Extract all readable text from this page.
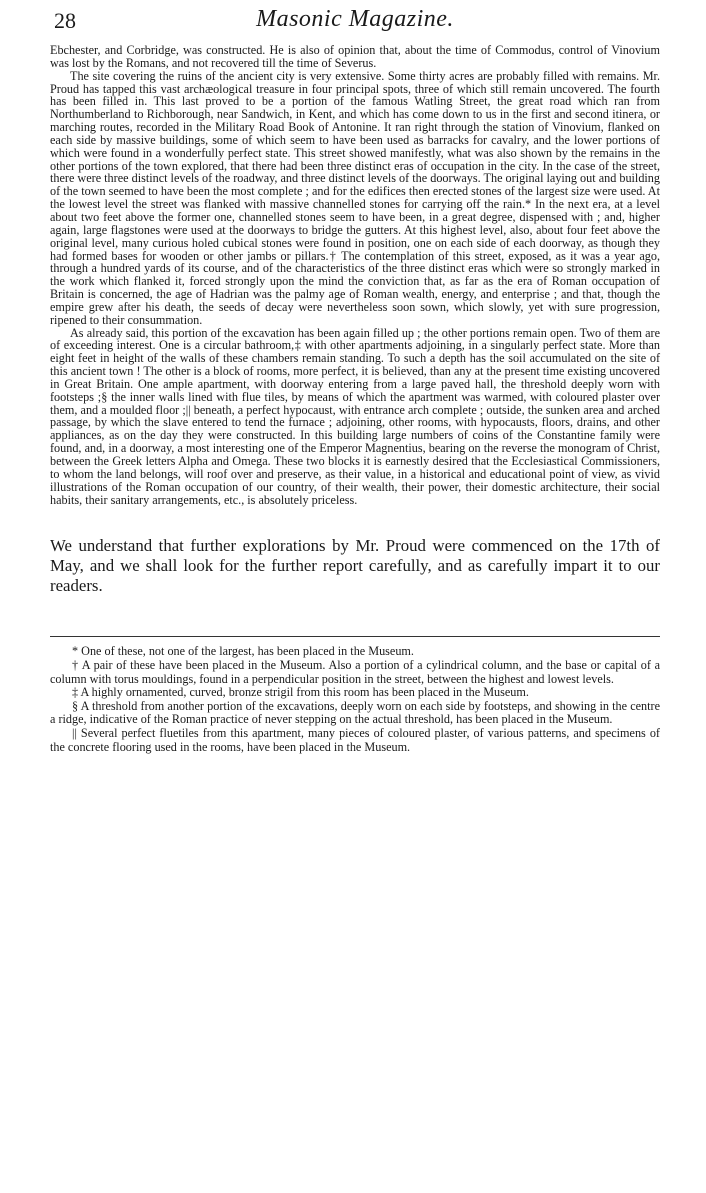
28	Masonic Magazine.

Ebchester, and Corbridge, was constructed. He is also of opinion that, about the time of Commodus, control of Vinovium was lost by the Romans, and not recovered till the time of Severus.

The site covering the ruins of the ancient city is very extensive. Some thirty acres are probably filled with remains. Mr. Proud has tapped this vast archæological treasure in four principal spots, three of which still remain uncovered. The fourth has been filled in. This last proved to be a portion of the famous Watling Street, the great road which ran from Northumberland to Richborough, near Sandwich, in Kent, and which has come down to us in the first and second itinera, or marching routes, recorded in the Military Road Book of Antonine. It ran right through the station of Vinovium, flanked on each side by massive buildings, some of which seem to have been used as barracks for cavalry, and the lower portions of which were found in a wonderfully perfect state. This street showed manifestly, what was also shown by the remains in the other portions of the town explored, that there had been three distinct eras of occupation in the city. In the case of the street, there were three distinct levels of the roadway, and three distinct levels of the doorways. The original laying out and building of the town seemed to have been the most complete ; and for the edifices then erected stones of the largest size were used. At the lowest level the street was flanked with massive channelled stones for carrying off the rain.* In the next era, at a level about two feet above the former one, channelled stones seem to have been, in a great degree, dispensed with ; and, higher again, large flagstones were used at the doorways to bridge the gutters. At this highest level, also, about four feet above the original level, many curious holed cubical stones were found in position, one on each side of each doorway, as though they had formed bases for wooden or other jambs or pillars.† The contemplation of this street, exposed, as it was a year ago, through a hundred yards of its course, and of the characteristics of the three distinct eras which were so strongly marked in the work which flanked it, forced strongly upon the mind the conviction that, as far as the era of Roman occupation of Britain is concerned, the age of Hadrian was the palmy age of Roman wealth, energy, and enterprise ; and that, though the empire grew after his death, the seeds of decay were nevertheless soon sown, which slowly, yet with sure progression, ripened to their consummation.

As already said, this portion of the excavation has been again filled up ; the other portions remain open. Two of them are of exceeding interest. One is a circular bathroom,‡ with other apartments adjoining, in a singularly perfect state. More than eight feet in height of the walls of these chambers remain standing. To such a depth has the soil accumulated on the site of this ancient town ! The other is a block of rooms, more perfect, it is believed, than any at the present time existing uncovered in Great Britain. One ample apartment, with doorway entering from a large paved hall, the threshold deeply worn with footsteps ;§ the inner walls lined with flue tiles, by means of which the apartment was warmed, with coloured plaster over them, and a moulded floor ;|| beneath, a perfect hypocaust, with entrance arch complete ; outside, the sunken area and arched passage, by which the slave entered to tend the furnace ; adjoining, other rooms, with hypocausts, floors, drains, and other appliances, as on the day they were constructed. In this building large numbers of coins of the Constantine family were found, and, in a doorway, a most interesting one of the Emperor Magnentius, bearing on the reverse the monogram of Christ, between the Greek letters Alpha and Omega. These two blocks it is earnestly desired that the Ecclesiastical Commissioners, to whom the land belongs, will roof over and preserve, as their value, in a historical and educational point of view, as vivid illustrations of the Roman occupation of our country, of their wealth, their power, their domestic architecture, their social habits, their sanitary arrangements, etc., is absolutely priceless.

We understand that further explorations by Mr. Proud were commenced on the 17th of May, and we shall look for the further report carefully, and as carefully impart it to our readers.

* One of these, not one of the largest, has been placed in the Museum.

† A pair of these have been placed in the Museum. Also a portion of a cylindrical column, and the base or capital of a column with torus mouldings, found in a perpendicular position in the street, between the highest and lowest levels.

‡ A highly ornamented, curved, bronze strigil from this room has been placed in the Museum.

§ A threshold from another portion of the excavations, deeply worn on each side by footsteps, and showing in the centre a ridge, indicative of the Roman practice of never stepping on the actual threshold, has been placed in the Museum.

|| Several perfect fluetiles from this apartment, many pieces of coloured plaster, of various patterns, and specimens of the concrete flooring used in the rooms, have been placed in the Museum.
